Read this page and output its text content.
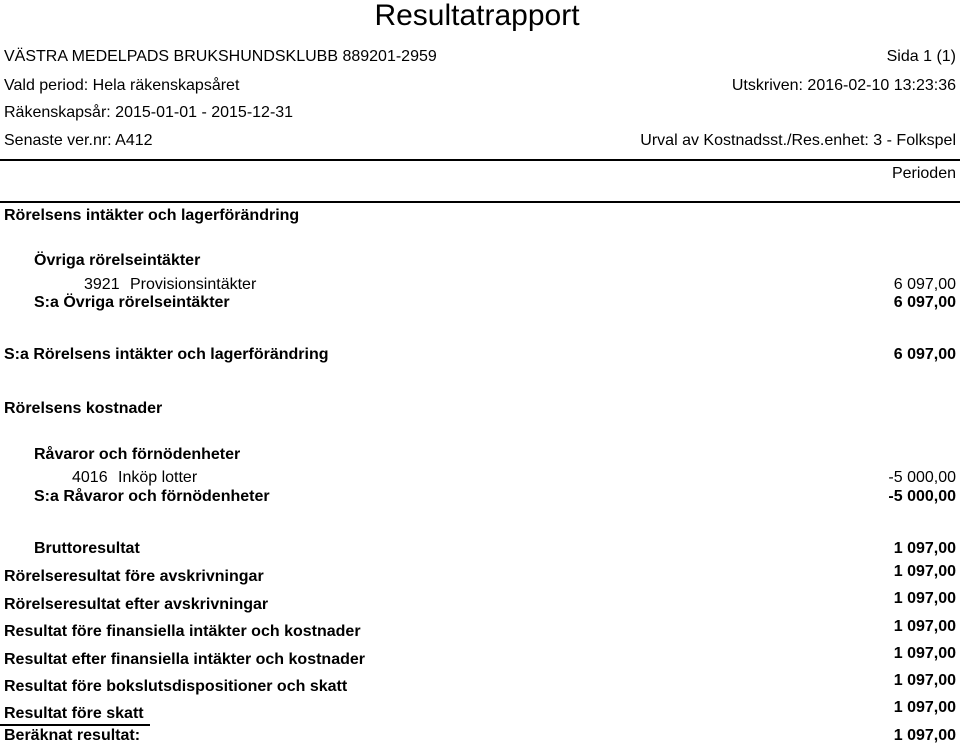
Resultatrapport
VÄSTRA MEDELPADS BRUKSHUNDSKLUBB 889201-2959	Sida 1 (1)
Vald period: Hela räkenskapsåret	Utskriven: 2016-02-10 13:23:36
Räkenskapsår: 2015-01-01 - 2015-12-31
Senaste ver.nr: A412	Urval av Kostnadsst./Res.enhet: 3 - Folkspel
Perioden
Rörelsens intäkter och lagerförändring
Övriga rörelseintäkter
3921 Provisionsintäkter	6 097,00
S:a Övriga rörelseintäkter	6 097,00
S:a Rörelsens intäkter och lagerförändring	6 097,00
Rörelsens kostnader
Råvaror och förnödenheter
4016 Inköp lotter	-5 000,00
S:a Råvaror och förnödenheter	-5 000,00
Bruttoresultat	1 097,00
Rörelseresultat före avskrivningar	1 097,00
Rörelseresultat efter avskrivningar	1 097,00
Resultat före finansiella intäkter och kostnader	1 097,00
Resultat efter finansiella intäkter och kostnader	1 097,00
Resultat före bokslutsdispositioner och skatt	1 097,00
Resultat före skatt	1 097,00
Beräknat resultat:	1 097,00
